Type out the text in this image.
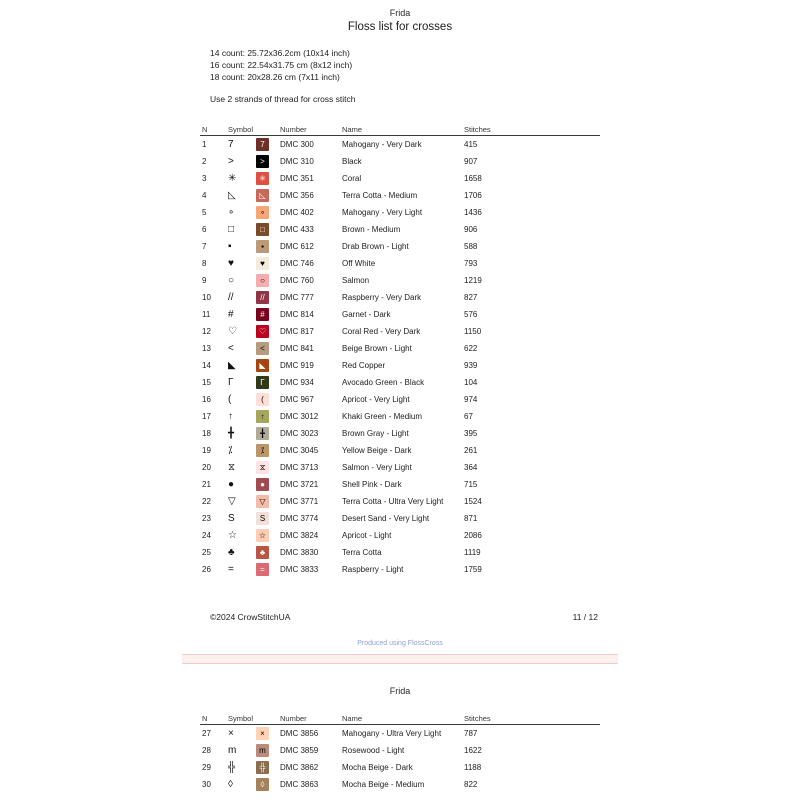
Frida
Floss list for crosses
14 count: 25.72x36.2cm (10x14 inch)
16 count: 22.54x31.75 cm (8x12 inch)
18 count: 20x28.26 cm (7x11 inch)
Use 2 strands of thread for cross stitch
N	Symbol	Number	Name	Stitches
1	7	7	DMC 300	Mahogany - Very Dark	415
2	>	>	DMC 310	Black	907
3	✳	✳	DMC 351	Coral	1658
4	◺	◺	DMC 356	Terra Cotta - Medium	1706
5	∘	∘	DMC 402	Mahogany - Very Light	1436
6	□	□	DMC 433	Brown - Medium	906
7	▪	▪	DMC 612	Drab Brown - Light	588
8	♥	♥	DMC 746	Off White	793
9	○	○	DMC 760	Salmon	1219
10	//	//	DMC 777	Raspberry - Very Dark	827
11	#	#	DMC 814	Garnet - Dark	576
12	♡	♡	DMC 817	Coral Red - Very Dark	1150
13	<	<	DMC 841	Beige Brown - Light	622
14	◣	◣	DMC 919	Red Copper	939
15	Γ	Γ	DMC 934	Avocado Green - Black	104
16	(	(	DMC 967	Apricot - Very Light	974
17	↑	↑	DMC 3012	Khaki Green - Medium	67
18	╋	╋	DMC 3023	Brown Gray - Light	395
19	⁒	⁒	DMC 3045	Yellow Beige - Dark	261
20	⧖	⧖	DMC 3713	Salmon - Very Light	364
21	●	●	DMC 3721	Shell Pink - Dark	715
22	▽	▽	DMC 3771	Terra Cotta - Ultra Very Light	1524
23	S	S	DMC 3774	Desert Sand - Very Light	871
24	☆	☆	DMC 3824	Apricot - Light	2086
25	♣	♣	DMC 3830	Terra Cotta	1119
26	=	=	DMC 3833	Raspberry - Light	1759
©2024 CrowStitchUA	11 / 12
Produced using FlossCross
Frida
N	Symbol	Number	Name	Stitches
27	×	×	DMC 3856	Mahogany - Ultra Very Light	787
28	m	m	DMC 3859	Rosewood - Light	1622
29	╬	╬	DMC 3862	Mocha Beige - Dark	1188
30	◊	◊	DMC 3863	Mocha Beige - Medium	822
